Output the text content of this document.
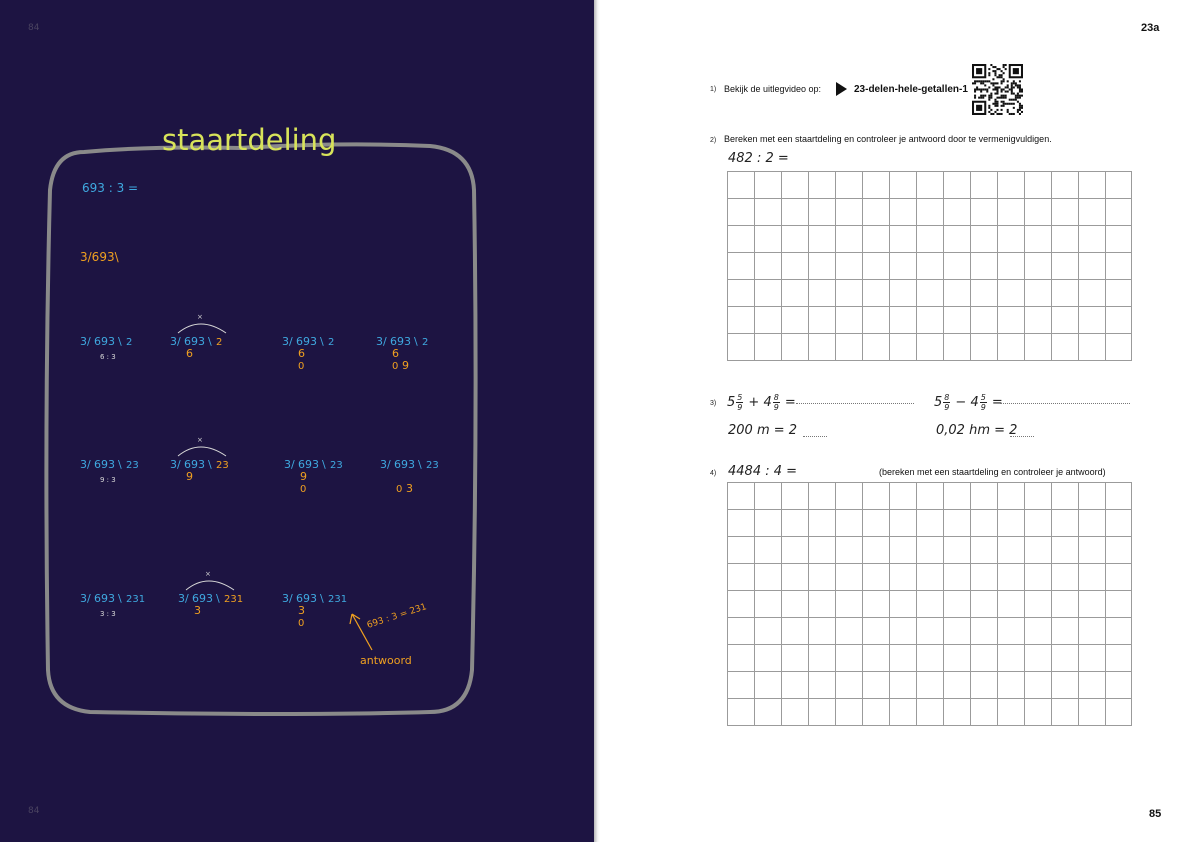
84
84
staartdeling
693 : 3 =
3/693\
3/ 693 \ 2
6 : 3
3/ 693 \ 2
6
×
3/ 693 \ 2
6
0
3/ 693 \ 2
6
0 9
3/ 693 \ 23
9 : 3
3/ 693 \ 23
9
×
3/ 693 \ 23
9
0
3/ 693 \ 23
0 3
3/ 693 \ 231
3 : 3
3/ 693 \ 231
3
×
3/ 693 \ 231
3
0	693 : 3 = 231
antwoord
23a
1) Bekijk de uitlegvideo op:	23-delen-hele-getallen-1
2) Bereken met een staartdeling en controleer je antwoord door te vermenigvuldigen.
482 : 2 =
3) $5 \frac{5}{9} + 4 \frac{8}{9}$ =	$5 \frac{8}{9} - 4 \frac{5}{9}$ =
200 m = 2	0,02 hm = 2
4) 4484 : 4 =	(bereken met een staartdeling en controleer je antwoord)
85
